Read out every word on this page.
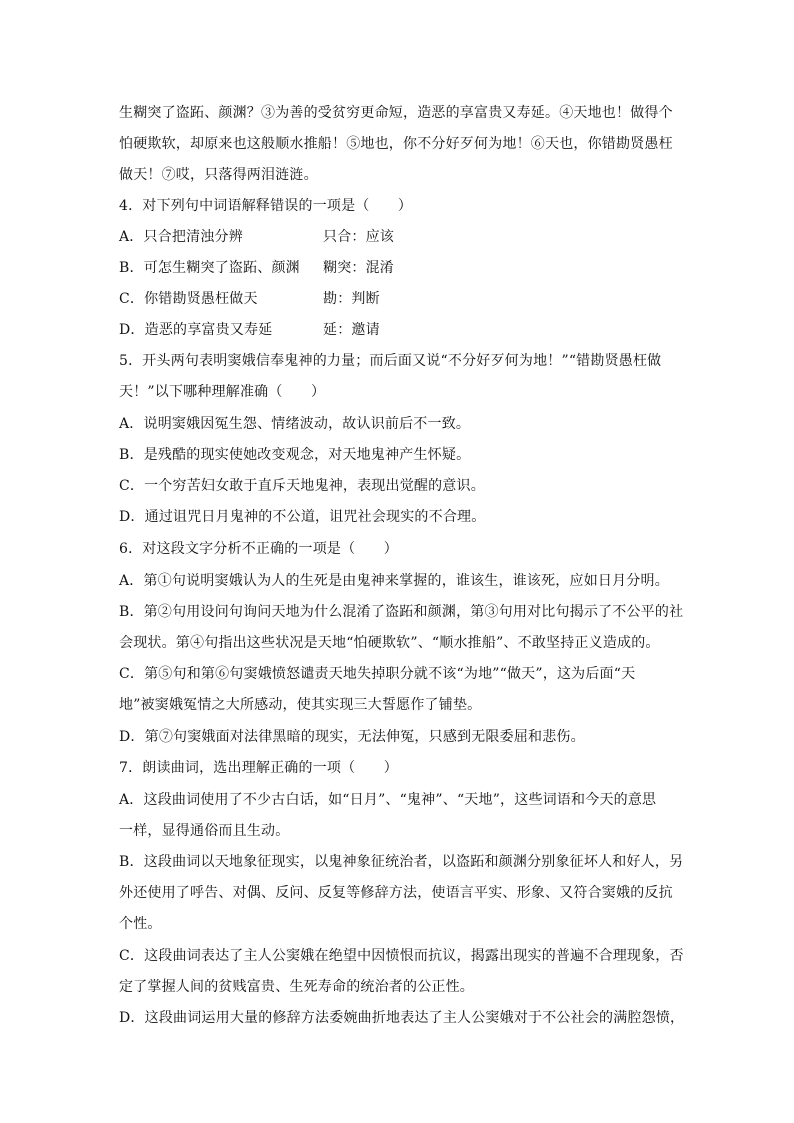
生糊突了盗跖、颜渊？③为善的受贫穷更命短，造恶的享富贵又寿延。④天地也！做得个
怕硬欺软，却原来也这般顺水推船！⑤地也，你不分好歹何为地！⑥天也，你错勘贤愚枉
做天！⑦哎，只落得两泪涟涟。
4．对下列句中词语解释错误的一项是（　　）
A．只合把清浊分辨	只合：应该
B．可怎生糊突了盗跖、颜渊 糊突：混淆
C．你错勘贤愚枉做天	勘：判断
D．造恶的享富贵又寿延	延：邀请
5．开头两句表明窦娥信奉鬼神的力量；而后面又说“不分好歹何为地！”“错勘贤愚枉做
天！”以下哪种理解准确（　　）
A．说明窦娥因冤生怨、情绪波动，故认识前后不一致。
B．是残酷的现实使她改变观念，对天地鬼神产生怀疑。
C．一个穷苦妇女敢于直斥天地鬼神，表现出觉醒的意识。
D．通过诅咒日月鬼神的不公道，诅咒社会现实的不合理。
6．对这段文字分析不正确的一项是（　　）
A．第①句说明窦娥认为人的生死是由鬼神来掌握的，谁该生，谁该死，应如日月分明。
B．第②句用设问句询问天地为什么混淆了盗跖和颜渊，第③句用对比句揭示了不公平的社
会现状。第④句指出这些状况是天地“怕硬欺软”、“顺水推船”、不敢坚持正义造成的。
C．第⑤句和第⑥句窦娥愤怒谴责天地失掉职分就不该“为地”“做天”，这为后面“天
地”被窦娥冤情之大所感动，使其实现三大誓愿作了铺垫。
D．第⑦句窦娥面对法律黑暗的现实，无法伸冤，只感到无限委屈和悲伤。
7．朗读曲词，选出理解正确的一项（　　）
A．这段曲词使用了不少古白话，如“日月”、“鬼神”、“天地”，这些词语和今天的意思
一样，显得通俗而且生动。
B．这段曲词以天地象征现实，以鬼神象征统治者，以盗跖和颜渊分别象征坏人和好人，另
外还使用了呼告、对偶、反问、反复等修辞方法，使语言平实、形象、又符合窦娥的反抗
个性。
C．这段曲词表达了主人公窦娥在绝望中因愤恨而抗议，揭露出现实的普遍不合理现象，否
定了掌握人间的贫贱富贵、生死寿命的统治者的公正性。
D．这段曲词运用大量的修辞方法委婉曲折地表达了主人公窦娥对于不公社会的满腔怨愤，
